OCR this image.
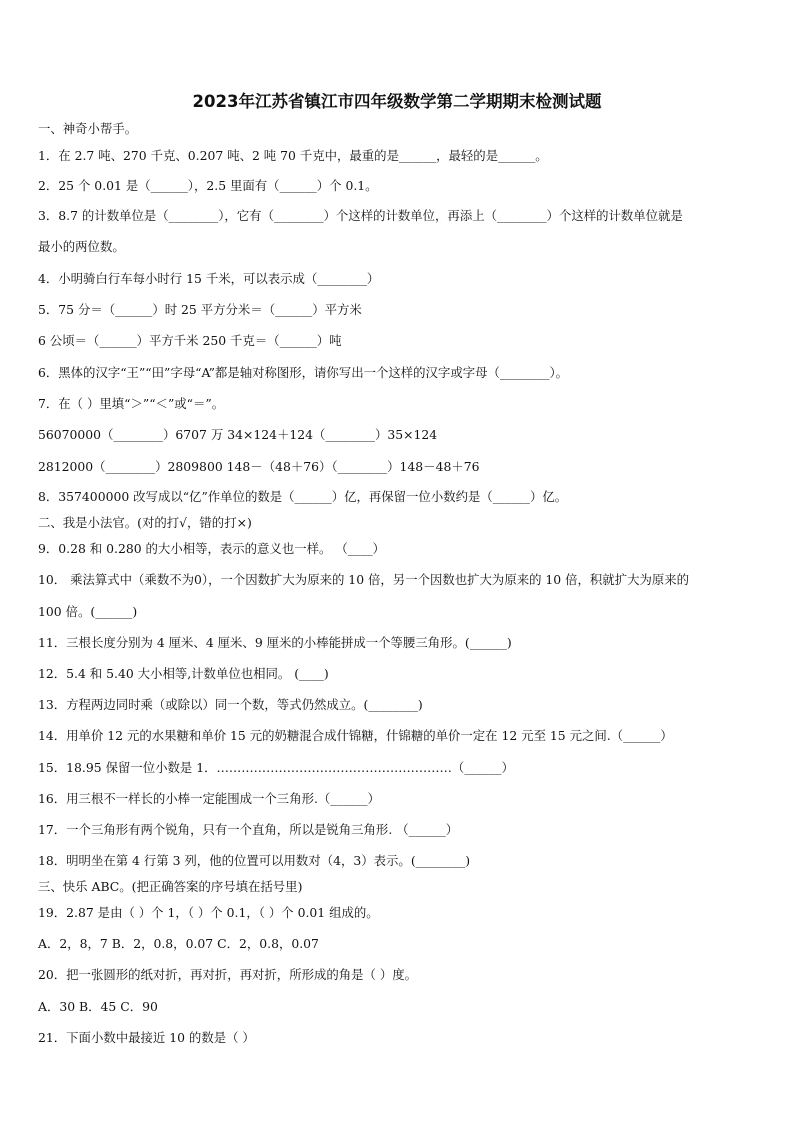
2023年江苏省镇江市四年级数学第二学期期末检测试题
一、神奇小帮手。
1．在 2.7 吨、270 千克、0.207 吨、2 吨 70 千克中，最重的是______，最轻的是______。
2．25 个 0.01 是（______），2.5 里面有（______）个 0.1。
3．8.7 的计数单位是（________），它有（________）个这样的计数单位，再添上（________）个这样的计数单位就是
最小的两位数。
4．小明骑白行车每小时行 15 千米，可以表示成（________）
5．75 分＝（______）时 25 平方分米＝（______）平方米
6 公顷＝（______）平方千米 250 千克＝（______）吨
6．黑体的汉字“王”“田”字母“A”都是轴对称图形，请你写出一个这样的汉字或字母（________）。
7．在（ ）里填“＞”“＜”或“＝”。
56070000（________）6707 万 34×124＋124（________）35×124
2812000（________）2809800 148－（48＋76）（________）148－48＋76
8．357400000 改写成以“亿”作单位的数是（______）亿，再保留一位小数约是（______）亿。
二、我是小法官。(对的打√，错的打×)
9．0.28 和 0.280 的大小相等，表示的意义也一样。 （____）
10． 乘法算式中（乘数不为0），一个因数扩大为原来的 10 倍，另一个因数也扩大为原来的 10 倍，积就扩大为原来的
100 倍。(______)
11．三根长度分别为 4 厘米、4 厘米、9 厘米的小棒能拼成一个等腰三角形。(______)
12．5.4 和 5.40 大小相等,计数单位也相同。 (____)
13．方程两边同时乘（或除以）同一个数，等式仍然成立。(________)
14．用单价 12 元的水果糖和单价 15 元的奶糖混合成什锦糖，什锦糖的单价一定在 12 元至 15 元之间.（______）
15．18.95 保留一位小数是 1．…………………………………………………（______）
16．用三根不一样长的小棒一定能围成一个三角形.（______）
17．一个三角形有两个锐角，只有一个直角，所以是锐角三角形. （______）
18．明明坐在第 4 行第 3 列，他的位置可以用数对（4，3）表示。(________)
三、快乐 ABC。(把正确答案的序号填在括号里)
19．2.87 是由（ ）个 1，（ ）个 0.1，（ ）个 0.01 组成的。
A．2，8，7 B．2，0.8，0.07 C．2，0.8，0.07
20．把一张圆形的纸对折，再对折，再对折，所形成的角是（ ）度。
A．30 B．45 C．90
21．下面小数中最接近 10 的数是（ ）
